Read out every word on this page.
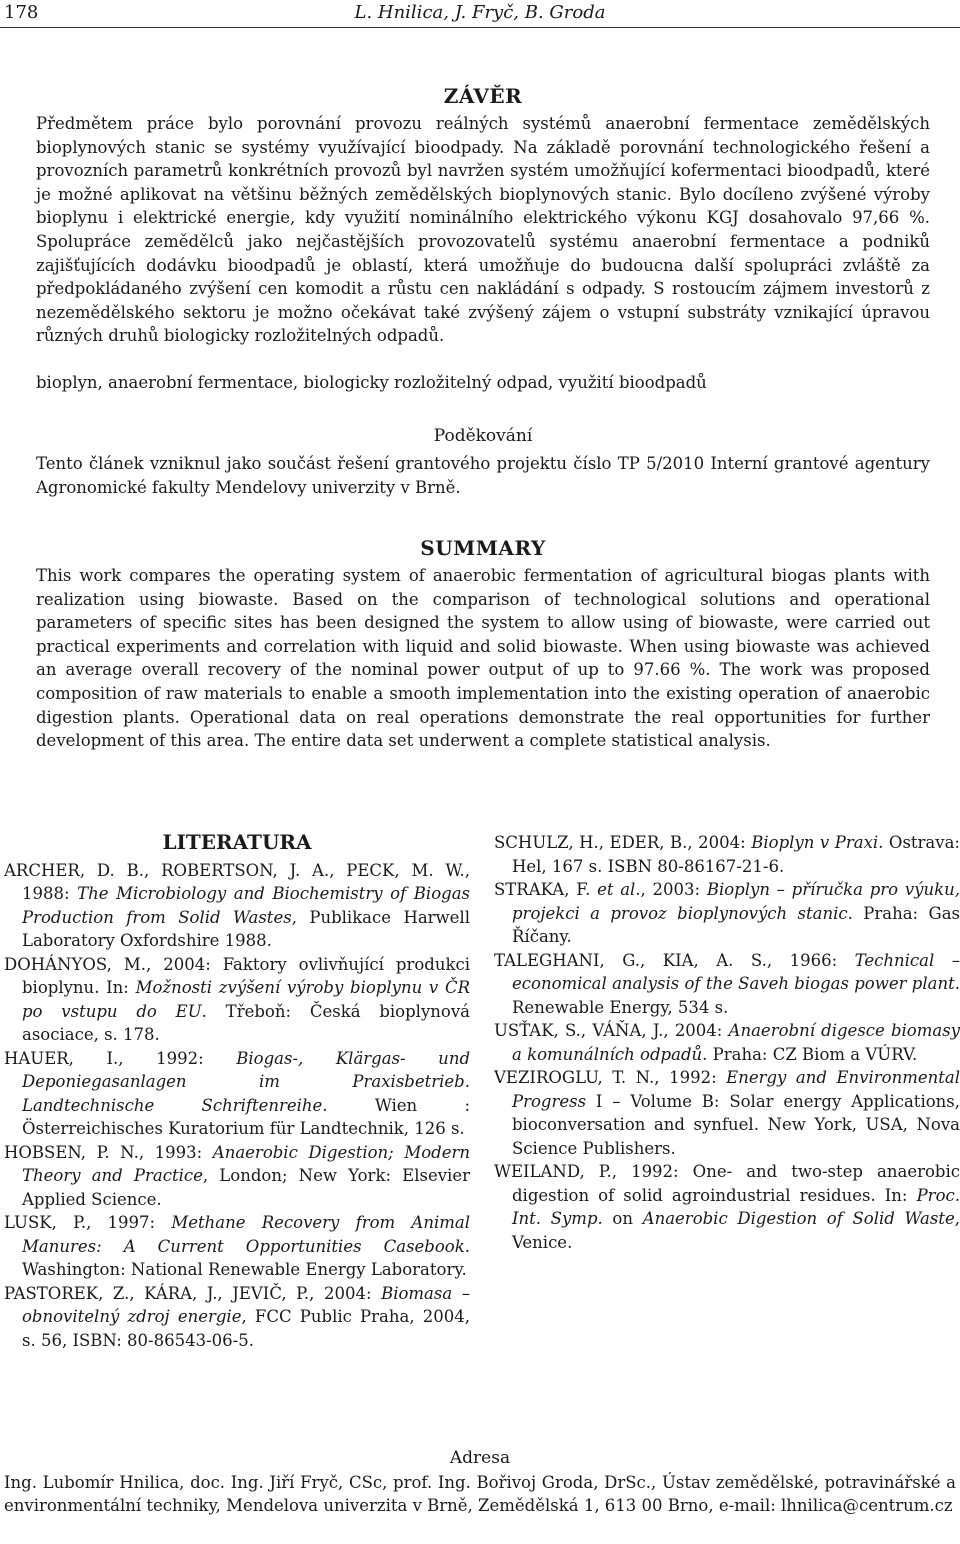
178	L. Hnilica, J. Fryč, B. Groda
ZÁVĚR
Předmětem práce bylo porovnání provozu reálných systémů anaerobní fermentace zemědělských bioplynových stanic se systémy využívající bioodpady. Na základě porovnání technologického řešení a provozních parametrů konkrétních provozů byl navržen systém umožňující kofermentaci bioodpadů, které je možné aplikovat na většinu běžných zemědělských bioplynových stanic. Bylo docíleno zvýšené výroby bioplynu i elektrické energie, kdy využití nominálního elektrického výkonu KGJ dosahovalo 97,66 %. Spolupráce zemědělců jako nejčastějších provozovatelů systému anaerobní fermentace a podniků zajišťujících dodávku bioodpadů je oblastí, která umožňuje do budoucna další spolupráci zvláště za předpokládaného zvýšení cen komodit a růstu cen nakládání s odpady. S rostoucím zájmem investorů z nezemědělského sektoru je možno očekávat také zvýšený zájem o vstupní substráty vznikající úpravou různých druhů biologicky rozložitelných odpadů.
bioplyn, anaerobní fermentace, biologicky rozložitelný odpad, využití bioodpadů
Poděkování
Tento článek vzniknul jako součást řešení grantového projektu číslo TP 5/2010 Interní grantové agentury Agronomické fakulty Mendelovy univerzity v Brně.
SUMMARY
This work compares the operating system of anaerobic fermentation of agricultural biogas plants with realization using biowaste. Based on the comparison of technological solutions and operational parameters of specific sites has been designed the system to allow using of biowaste, were carried out practical experiments and correlation with liquid and solid biowaste. When using biowaste was achieved an average overall recovery of the nominal power output of up to 97.66 %. The work was proposed composition of raw materials to enable a smooth implementation into the existing operation of anaerobic digestion plants. Operational data on real operations demonstrate the real opportunities for further development of this area. The entire data set underwent a complete statistical analysis.
LITERATURA
ARCHER, D. B., ROBERTSON, J. A., PECK, M. W., 1988: The Microbiology and Biochemistry of Biogas Production from Solid Wastes, Publikace Harwell Laboratory Oxfordshire 1988.
DOHÁNYOS, M., 2004: Faktory ovlivňující produkci bioplynu. In: Možnosti zvýšení výroby bioplynu v ČR po vstupu do EU. Třeboň: Česká bioplynová asociace, s. 178.
HAUER, I., 1992: Biogas-, Klärgas- und Deponiegasanlagen im Praxisbetrieb. Landtechnische Schriftenreihe. Wien : Österreichisches Kuratorium für Landtechnik, 126 s.
HOBSEN, P. N., 1993: Anaerobic Digestion; Modern Theory and Practice, London; New York: Elsevier Applied Science.
LUSK, P., 1997: Methane Recovery from Animal Manures: A Current Opportunities Casebook. Washington: National Renewable Energy Laboratory.
PASTOREK, Z., KÁRA, J., JEVIČ, P., 2004: Biomasa – obnovitelný zdroj energie, FCC Public Praha, 2004, s. 56, ISBN: 80-86543-06-5.
SCHULZ, H., EDER, B., 2004: Bioplyn v Praxi. Ostrava: Hel, 167 s. ISBN 80-86167-21-6.
STRAKA, F. et al., 2003: Bioplyn – příručka pro výuku, projekci a provoz bioplynových stanic. Praha: Gas Říčany.
TALEGHANI, G., KIA, A. S., 1966: Technical – economical analysis of the Saveh biogas power plant. Renewable Energy, 534 s.
USŤAK, S., VÁŇA, J., 2004: Anaerobní digesce biomasy a komunálních odpadů. Praha: CZ Biom a VÚRV.
VEZIROGLU, T. N., 1992: Energy and Environmental Progress I – Volume B: Solar energy Applications, bioconversation and synfuel. New York, USA, Nova Science Publishers.
WEILAND, P., 1992: One- and two-step anaerobic digestion of solid agroindustrial residues. In: Proc. Int. Symp. on Anaerobic Digestion of Solid Waste, Venice.
Adresa
Ing. Lubomír Hnilica, doc. Ing. Jiří Fryč, CSc, prof. Ing. Bořivoj Groda, DrSc., Ústav zemědělské, potravinářské a environmentální techniky, Mendelova univerzita v Brně, Zemědělská 1, 613 00 Brno, e-mail: lhnilica@centrum.cz
